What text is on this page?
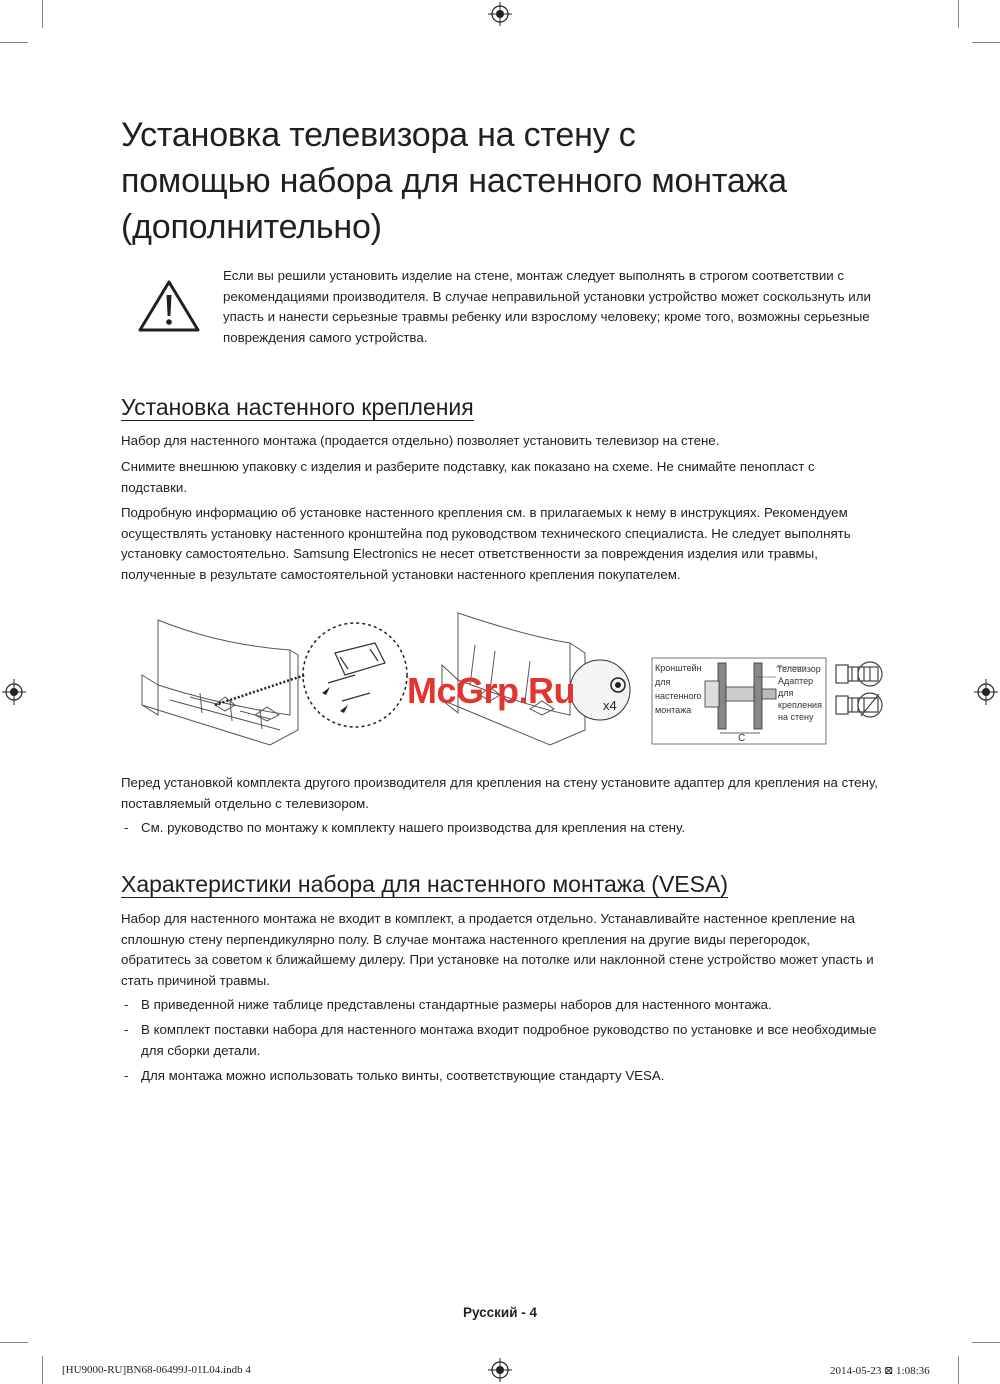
Установка телевизора на стену с
помощью набора для настенного монтажа
(дополнительно)
Если вы решили установить изделие на стене, монтаж следует выполнять в строгом соответствии с рекомендациями производителя. В случае неправильной установки устройство может соскользнуть или упасть и нанести серьезные травмы ребенку или взрослому человеку; кроме того, возможны серьезные повреждения самого устройства.
Установка настенного крепления
Набор для настенного монтажа (продается отдельно) позволяет установить телевизор на стене.
Снимите внешнюю упаковку с изделия и разберите подставку, как показано на схеме. Не снимайте пенопласт с подставки.
Подробную информацию об установке настенного крепления см. в прилагаемых к нему в инструкциях. Рекомендуем осуществлять установку настенного кронштейна под руководством технического специалиста. Не следует выполнять установку самостоятельно. Samsung Electronics не несет ответственности за повреждения изделия или травмы, полученные в результате самостоятельной установки настенного крепления покупателем.
x4
Кронштейн
для
настенного
монтажа
Телевизор
Адаптер
для
крепления
на стену
C
McGrp.Ru
Перед установкой комплекта другого производителя для крепления на стену установите адаптер для крепления на стену, поставляемый отдельно с телевизором.
- См. руководство по монтажу к комплекту нашего производства для крепления на стену.
Характеристики набора для настенного монтажа (VESA)
Набор для настенного монтажа не входит в комплект, а продается отдельно. Устанавливайте настенное крепление на сплошную стену перпендикулярно полу. В случае монтажа настенного крепления на другие виды перегородок, обратитесь за советом к ближайшему дилеру. При установке на потолке или наклонной стене устройство может упасть и стать причиной травмы.
- В приведенной ниже таблице представлены стандартные размеры наборов для настенного монтажа.
- В комплект поставки набора для настенного монтажа входит подробное руководство по установке и все необходимые для сборки детали.
- Для монтажа можно использовать только винты, соответствующие стандарту VESA.
Русский - 4
[HU9000-RU]BN68-06499J-01L04.indb 4	2014-05-23 ⊠ 1:08:36
